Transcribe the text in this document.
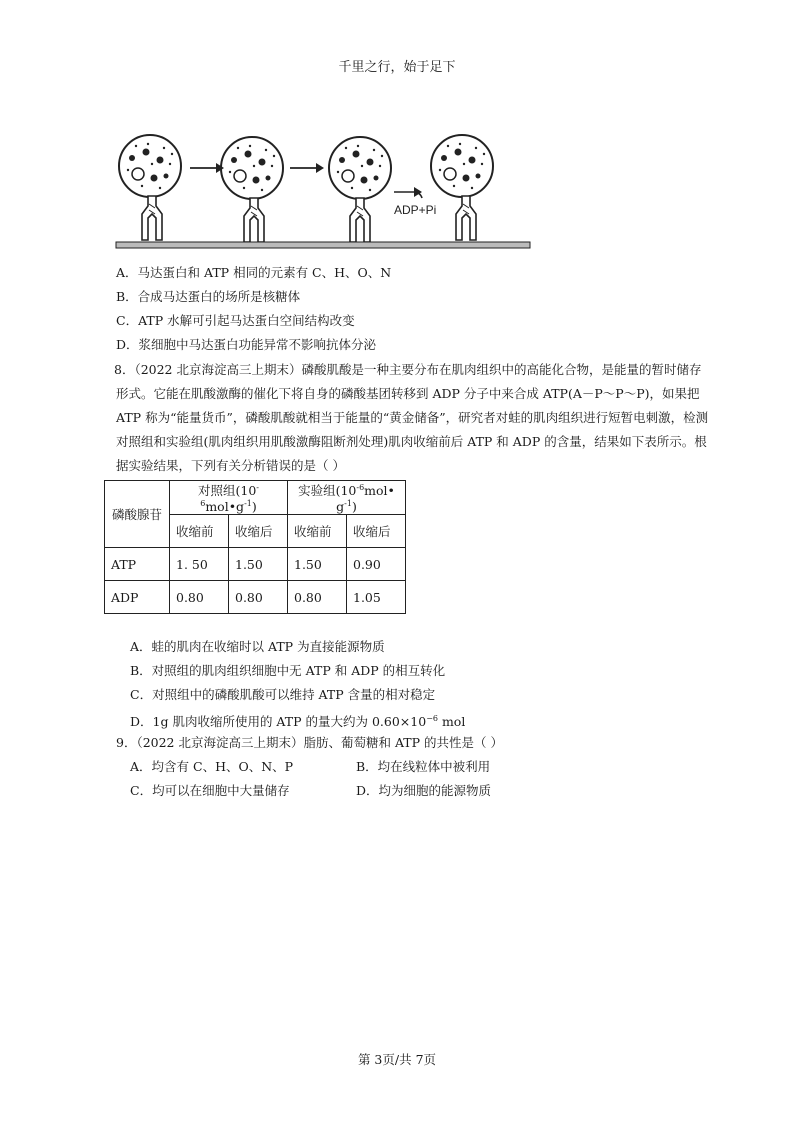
千里之行，始于足下
ADP+Pi
A．马达蛋白和 ATP 相同的元素有 C、H、O、N
B．合成马达蛋白的场所是核糖体
C．ATP 水解可引起马达蛋白空间结构改变
D．浆细胞中马达蛋白功能异常不影响抗体分泌
8．（2022 北京海淀高三上期末）磷酸肌酸是一种主要分布在肌肉组织中的高能化合物，是能量的暂时储存
形式。它能在肌酸激酶的催化下将自身的磷酸基团转移到 ADP 分子中来合成 ATP(A－P～P～P)，如果把
ATP 称为“能量货币”，磷酸肌酸就相当于能量的“黄金储备”，研究者对蛙的肌肉组织进行短暂电刺激，检测
对照组和实验组(肌肉组织用肌酸激酶阻断剂处理)肌肉收缩前后 ATP 和 ADP 的含量，结果如下表所示。根
据实验结果，下列有关分析错误的是（ ）
磷酸腺苷	对照组$(10^{-6}mol•g^{-1})$		实验组($10^{-6}mol•$ $g^{-1}$)	
	收缩前	收缩后	收缩前	收缩后
ATP	1. 50	1.50	1.50	0.90
ADP	0.80	0.80	0.80	1.05
A．蛙的肌肉在收缩时以 ATP 为直接能源物质
B．对照组的肌肉组织细胞中无 ATP 和 ADP 的相互转化
C．对照组中的磷酸肌酸可以维持 ATP 含量的相对稳定
D．1g 肌肉收缩所使用的 ATP 的量大约为 $0.60\times 10^{-6}$ mol
9．（2022 北京海淀高三上期末）脂肪、葡萄糖和 ATP 的共性是（ ）
A．均含有 C、H、O、N、P	B．均在线粒体中被利用
C．均可以在细胞中大量储存	D．均为细胞的能源物质
第 3页/共 7页
